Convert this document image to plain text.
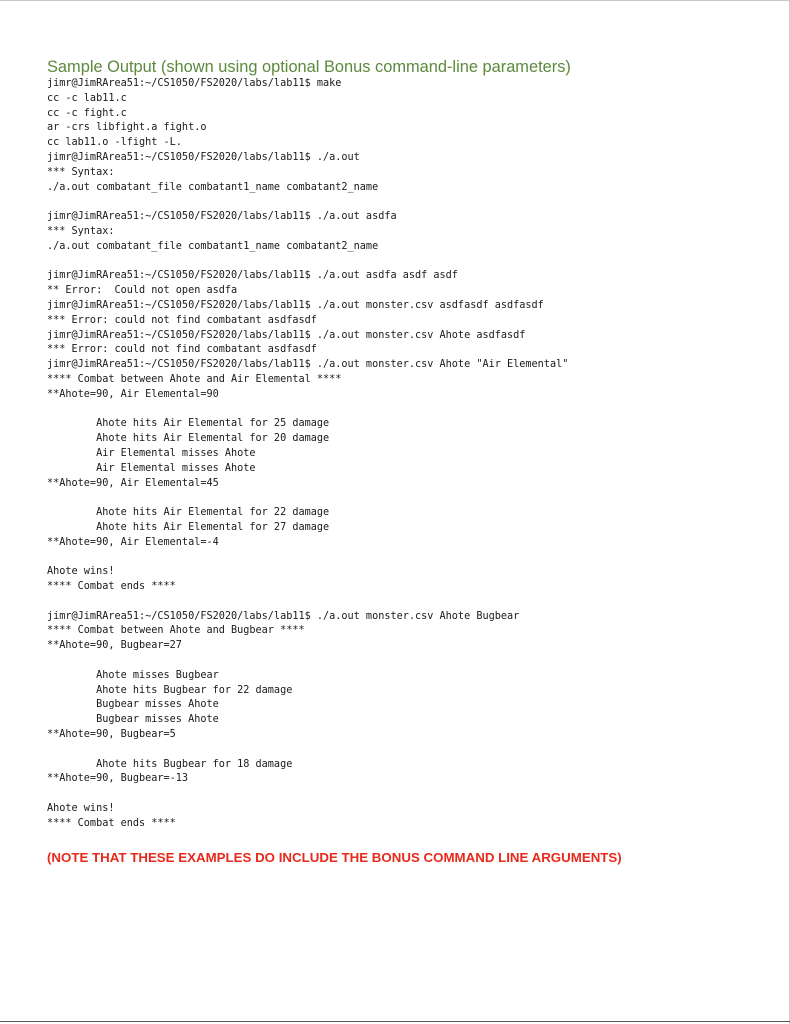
Sample Output (shown using optional Bonus command-line parameters)
jimr@JimRArea51:~/CS1050/FS2020/labs/lab11$ make
cc -c lab11.c
cc -c fight.c
ar -crs libfight.a fight.o
cc lab11.o -lfight -L.
jimr@JimRArea51:~/CS1050/FS2020/labs/lab11$ ./a.out
*** Syntax:
./a.out combatant_file combatant1_name combatant2_name
jimr@JimRArea51:~/CS1050/FS2020/labs/lab11$ ./a.out asdfa
*** Syntax:
./a.out combatant_file combatant1_name combatant2_name
jimr@JimRArea51:~/CS1050/FS2020/labs/lab11$ ./a.out asdfa asdf asdf
** Error:  Could not open asdfa
jimr@JimRArea51:~/CS1050/FS2020/labs/lab11$ ./a.out monster.csv asdfasdf asdfasdf
*** Error: could not find combatant asdfasdf
jimr@JimRArea51:~/CS1050/FS2020/labs/lab11$ ./a.out monster.csv Ahote asdfasdf
*** Error: could not find combatant asdfasdf
jimr@JimRArea51:~/CS1050/FS2020/labs/lab11$ ./a.out monster.csv Ahote "Air Elemental"
**** Combat between Ahote and Air Elemental ****
**Ahote=90, Air Elemental=90
Ahote hits Air Elemental for 25 damage
Ahote hits Air Elemental for 20 damage
Air Elemental misses Ahote
Air Elemental misses Ahote
**Ahote=90, Air Elemental=45
Ahote hits Air Elemental for 22 damage
Ahote hits Air Elemental for 27 damage
**Ahote=90, Air Elemental=-4
Ahote wins!
**** Combat ends ****
jimr@JimRArea51:~/CS1050/FS2020/labs/lab11$ ./a.out monster.csv Ahote Bugbear
**** Combat between Ahote and Bugbear ****
**Ahote=90, Bugbear=27
Ahote misses Bugbear
Ahote hits Bugbear for 22 damage
Bugbear misses Ahote
Bugbear misses Ahote
**Ahote=90, Bugbear=5
Ahote hits Bugbear for 18 damage
**Ahote=90, Bugbear=-13
Ahote wins!
**** Combat ends ****
(NOTE THAT THESE EXAMPLES DO INCLUDE THE BONUS COMMAND LINE ARGUMENTS)
